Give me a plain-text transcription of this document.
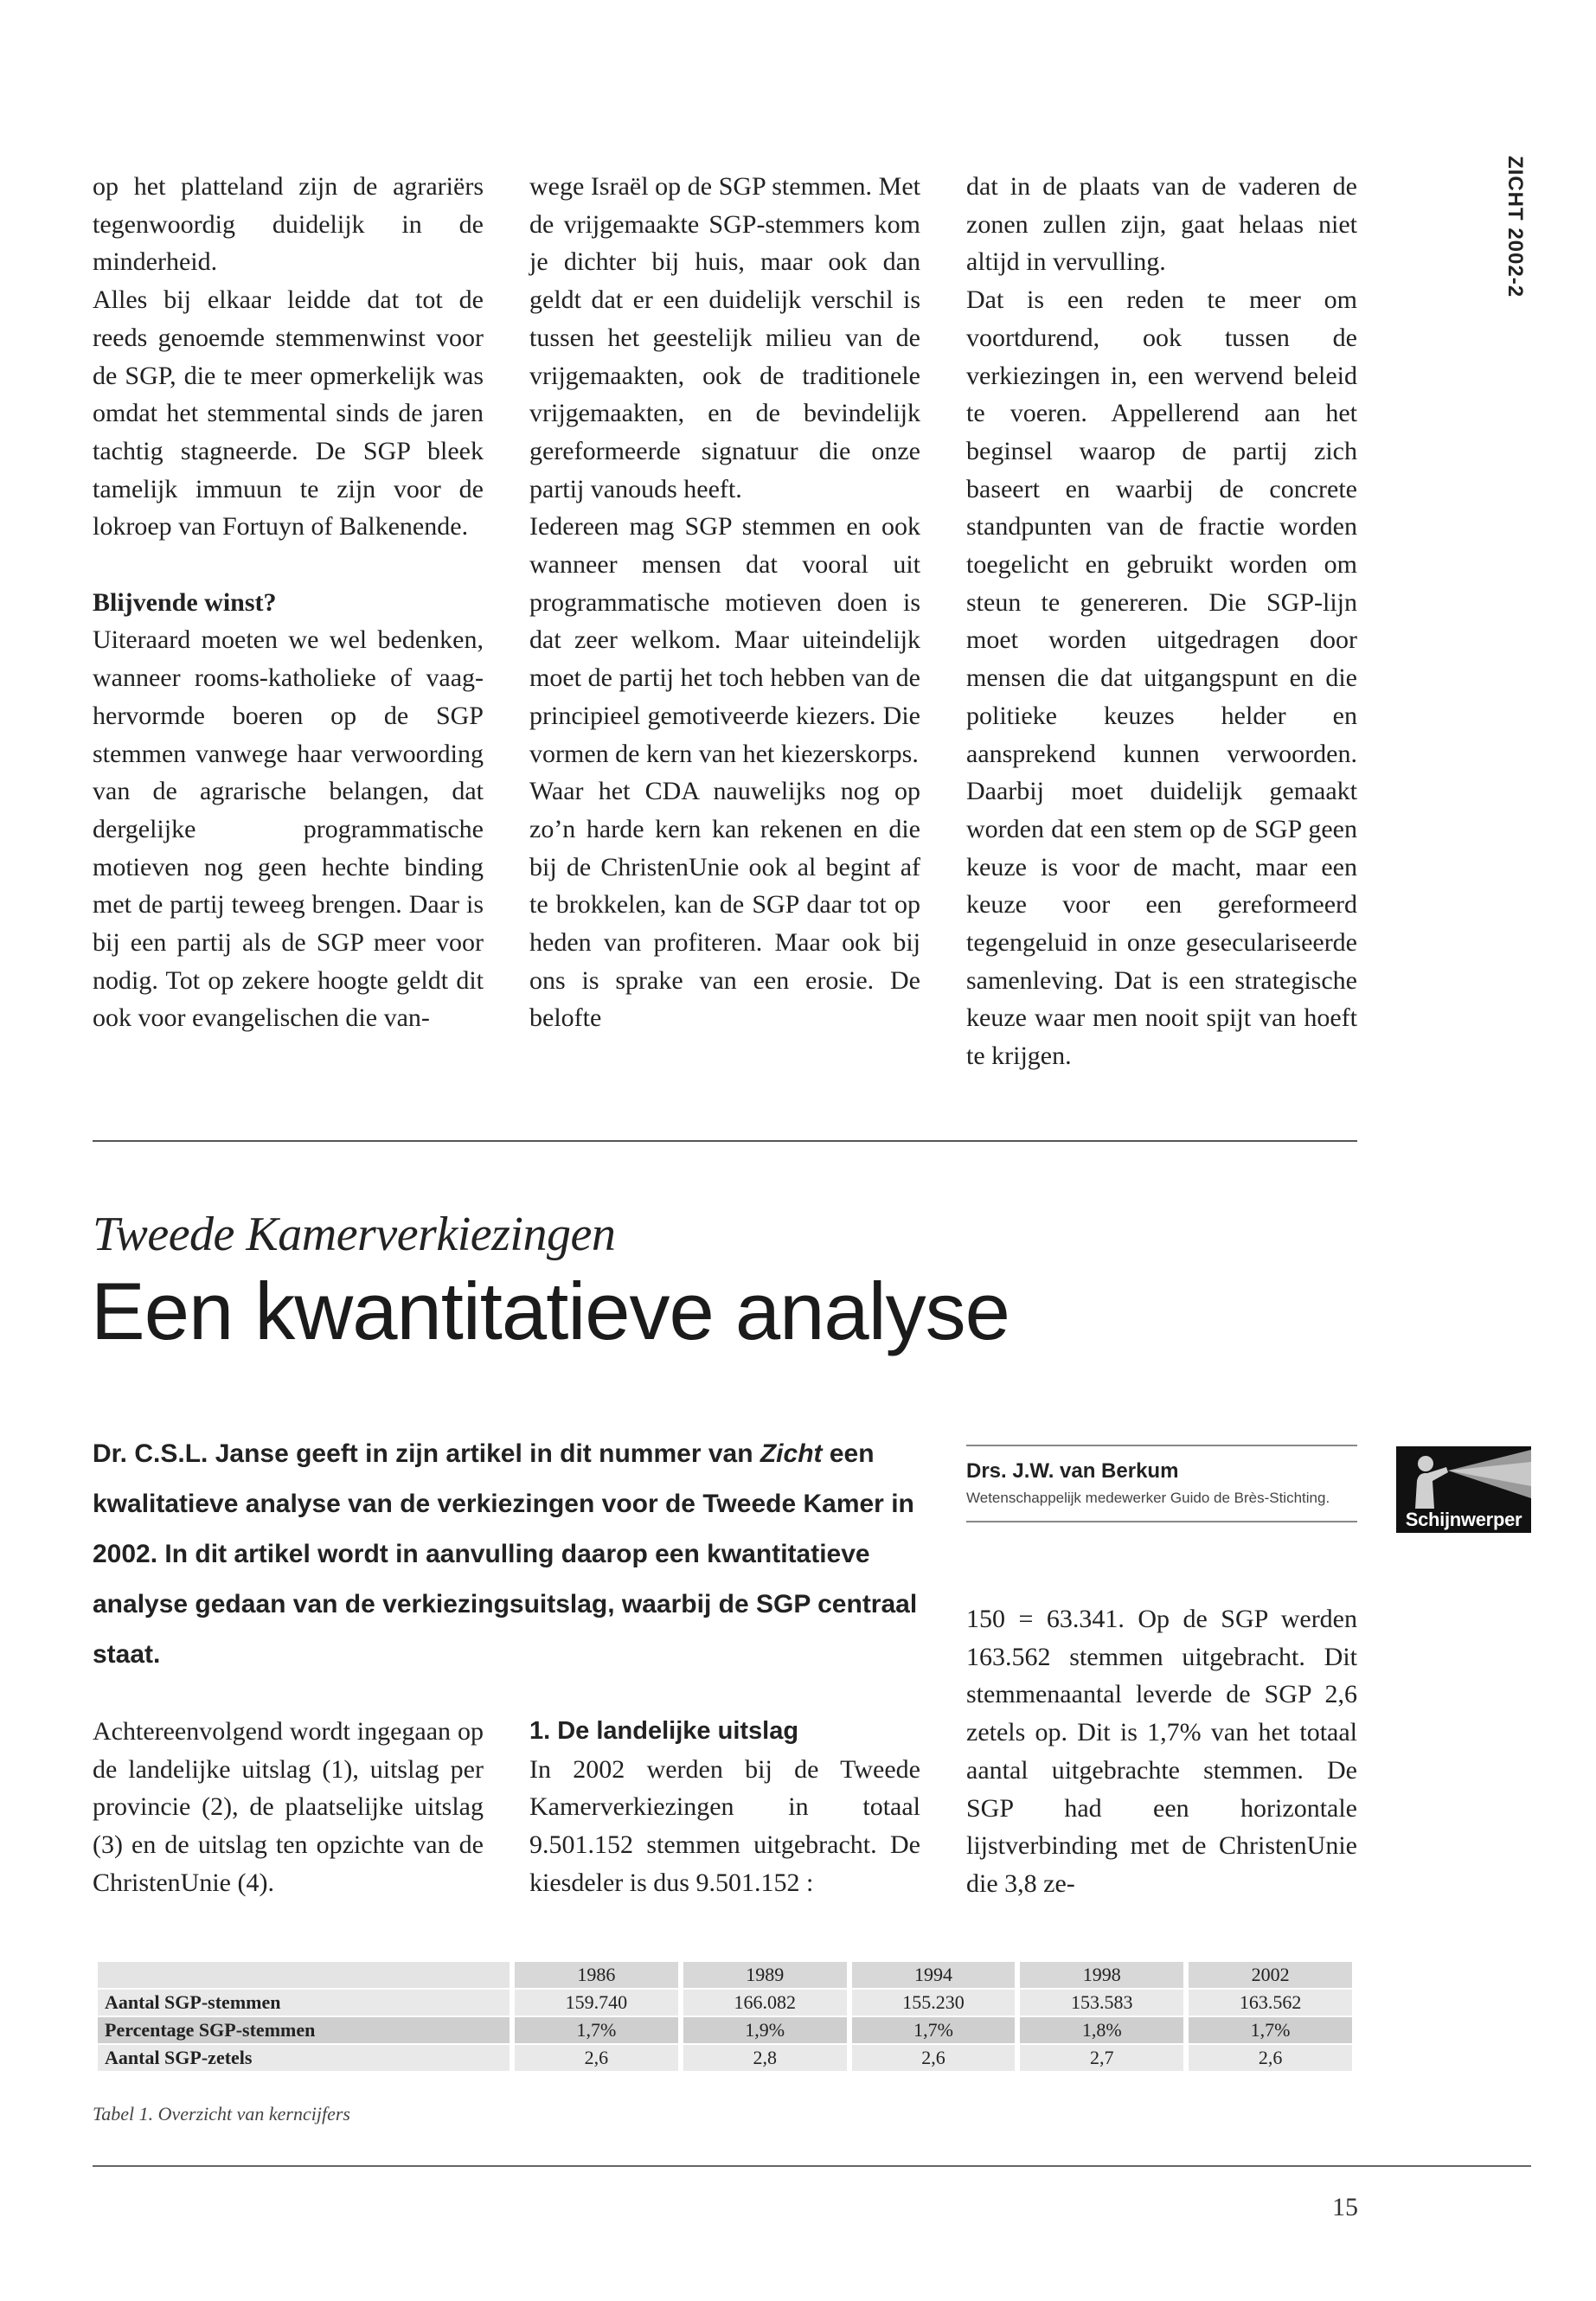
ZICHT 2002-2

op het platteland zijn de agrariërs tegenwoordig duidelijk in de minderheid.

Alles bij elkaar leidde dat tot de reeds genoemde stemmenwinst voor de SGP, die te meer opmerkelijk was omdat het stemmental sinds de jaren tachtig stagneerde. De SGP bleek tamelijk immuun te zijn voor de lokroep van Fortuyn of Balkenende.

Blijvende winst?

Uiteraard moeten we wel bedenken, wanneer rooms-katholieke of vaag-hervormde boeren op de SGP stemmen vanwege haar verwoording van de agrarische belangen, dat dergelijke programmatische motieven nog geen hechte binding met de partij teweeg brengen. Daar is bij een partij als de SGP meer voor nodig. Tot op zekere hoogte geldt dit ook voor evangelischen die van-

wege Israël op de SGP stemmen. Met de vrijgemaakte SGP-stemmers kom je dichter bij huis, maar ook dan geldt dat er een duidelijk verschil is tussen het geestelijk milieu van de vrijgemaakten, ook de traditionele vrijgemaakten, en de bevindelijk gereformeerde signatuur die onze partij vanouds heeft.

Iedereen mag SGP stemmen en ook wanneer mensen dat vooral uit programmatische motieven doen is dat zeer welkom. Maar uiteindelijk moet de partij het toch hebben van de principieel gemotiveerde kiezers. Die vormen de kern van het kiezerskorps.

Waar het CDA nauwelijks nog op zo’n harde kern kan rekenen en die bij de ChristenUnie ook al begint af te brokkelen, kan de SGP daar tot op heden van profiteren. Maar ook bij ons is sprake van een erosie. De belofte

dat in de plaats van de vaderen de zonen zullen zijn, gaat helaas niet altijd in vervulling.

Dat is een reden te meer om voortdurend, ook tussen de verkiezingen in, een wervend beleid te voeren. Appellerend aan het beginsel waarop de partij zich baseert en waarbij de concrete standpunten van de fractie worden toegelicht en gebruikt worden om steun te genereren. Die SGP-lijn moet worden uitgedragen door mensen die dat uitgangspunt en die politieke keuzes helder en aansprekend kunnen verwoorden. Daarbij moet duidelijk gemaakt worden dat een stem op de SGP geen keuze is voor de macht, maar een keuze voor een gereformeerd tegengeluid in onze geseculariseerde samenleving. Dat is een strategische keuze waar men nooit spijt van hoeft te krijgen.

Tweede Kamerverkiezingen
Een kwantitatieve analyse
Dr. C.S.L. Janse geeft in zijn artikel in dit nummer van Zicht een kwalitatieve analyse van de verkiezingen voor de Tweede Kamer in 2002. In dit artikel wordt in aanvulling daarop een kwantitatieve analyse gedaan van de verkiezingsuitslag, waarbij de SGP centraal staat.
Drs. J.W. van Berkum
Wetenschappelijk medewerker Guido de Brès-Stichting.
Schijnwerper

Achtereenvolgend wordt ingegaan op de landelijke uitslag (1), uitslag per provincie (2), de plaatselijke uitslag (3) en de uitslag ten opzichte van de ChristenUnie (4).

1. De landelijke uitslag

In 2002 werden bij de Tweede Kamerverkiezingen in totaal 9.501.152 stemmen uitgebracht. De kiesdeler is dus 9.501.152 :

150 = 63.341. Op de SGP werden 163.562 stemmen uitgebracht. Dit stemmenaantal leverde de SGP 2,6 zetels op. Dit is 1,7% van het totaal aantal uitgebrachte stemmen. De SGP had een horizontale lijstverbinding met de ChristenUnie die 3,8 ze-

	1986	1989	1994	1998	2002
Aantal SGP-stemmen	159.740	166.082	155.230	153.583	163.562
Percentage SGP-stemmen	1,7%	1,9%	1,7%	1,8%	1,7%
Aantal SGP-zetels	2,6	2,8	2,6	2,7	2,6
Tabel 1. Overzicht van kerncijfers
15
